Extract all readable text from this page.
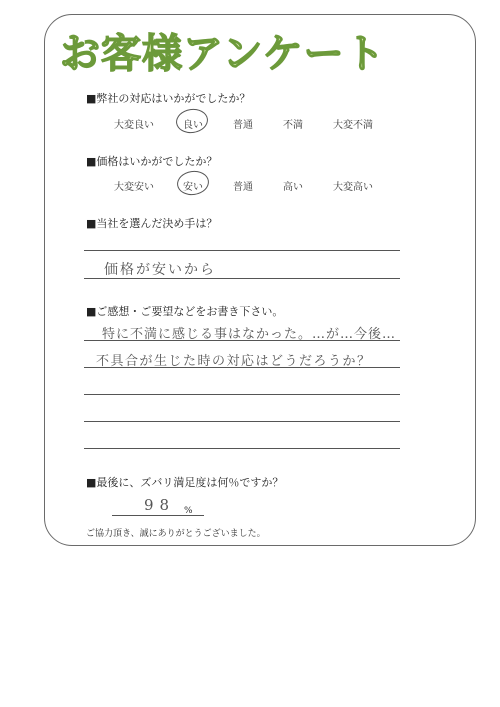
お客様アンケート
■弊社の対応はいかがでしたか？
大変良い	良い	普通	不満	大変不満
■価格はいかがでしたか？
大変安い	安い	普通	高い	大変高い
■当社を選んだ決め手は？
価格が安いから
■ご感想・ご要望などをお書き下さい。
特に不満に感じる事はなかった。…が…今後…
不具合が生じた時の対応はどうだろうか？
■最後に、ズバリ満足度は何％ですか？
98 %
ご協力頂き、誠にありがとうございました。
